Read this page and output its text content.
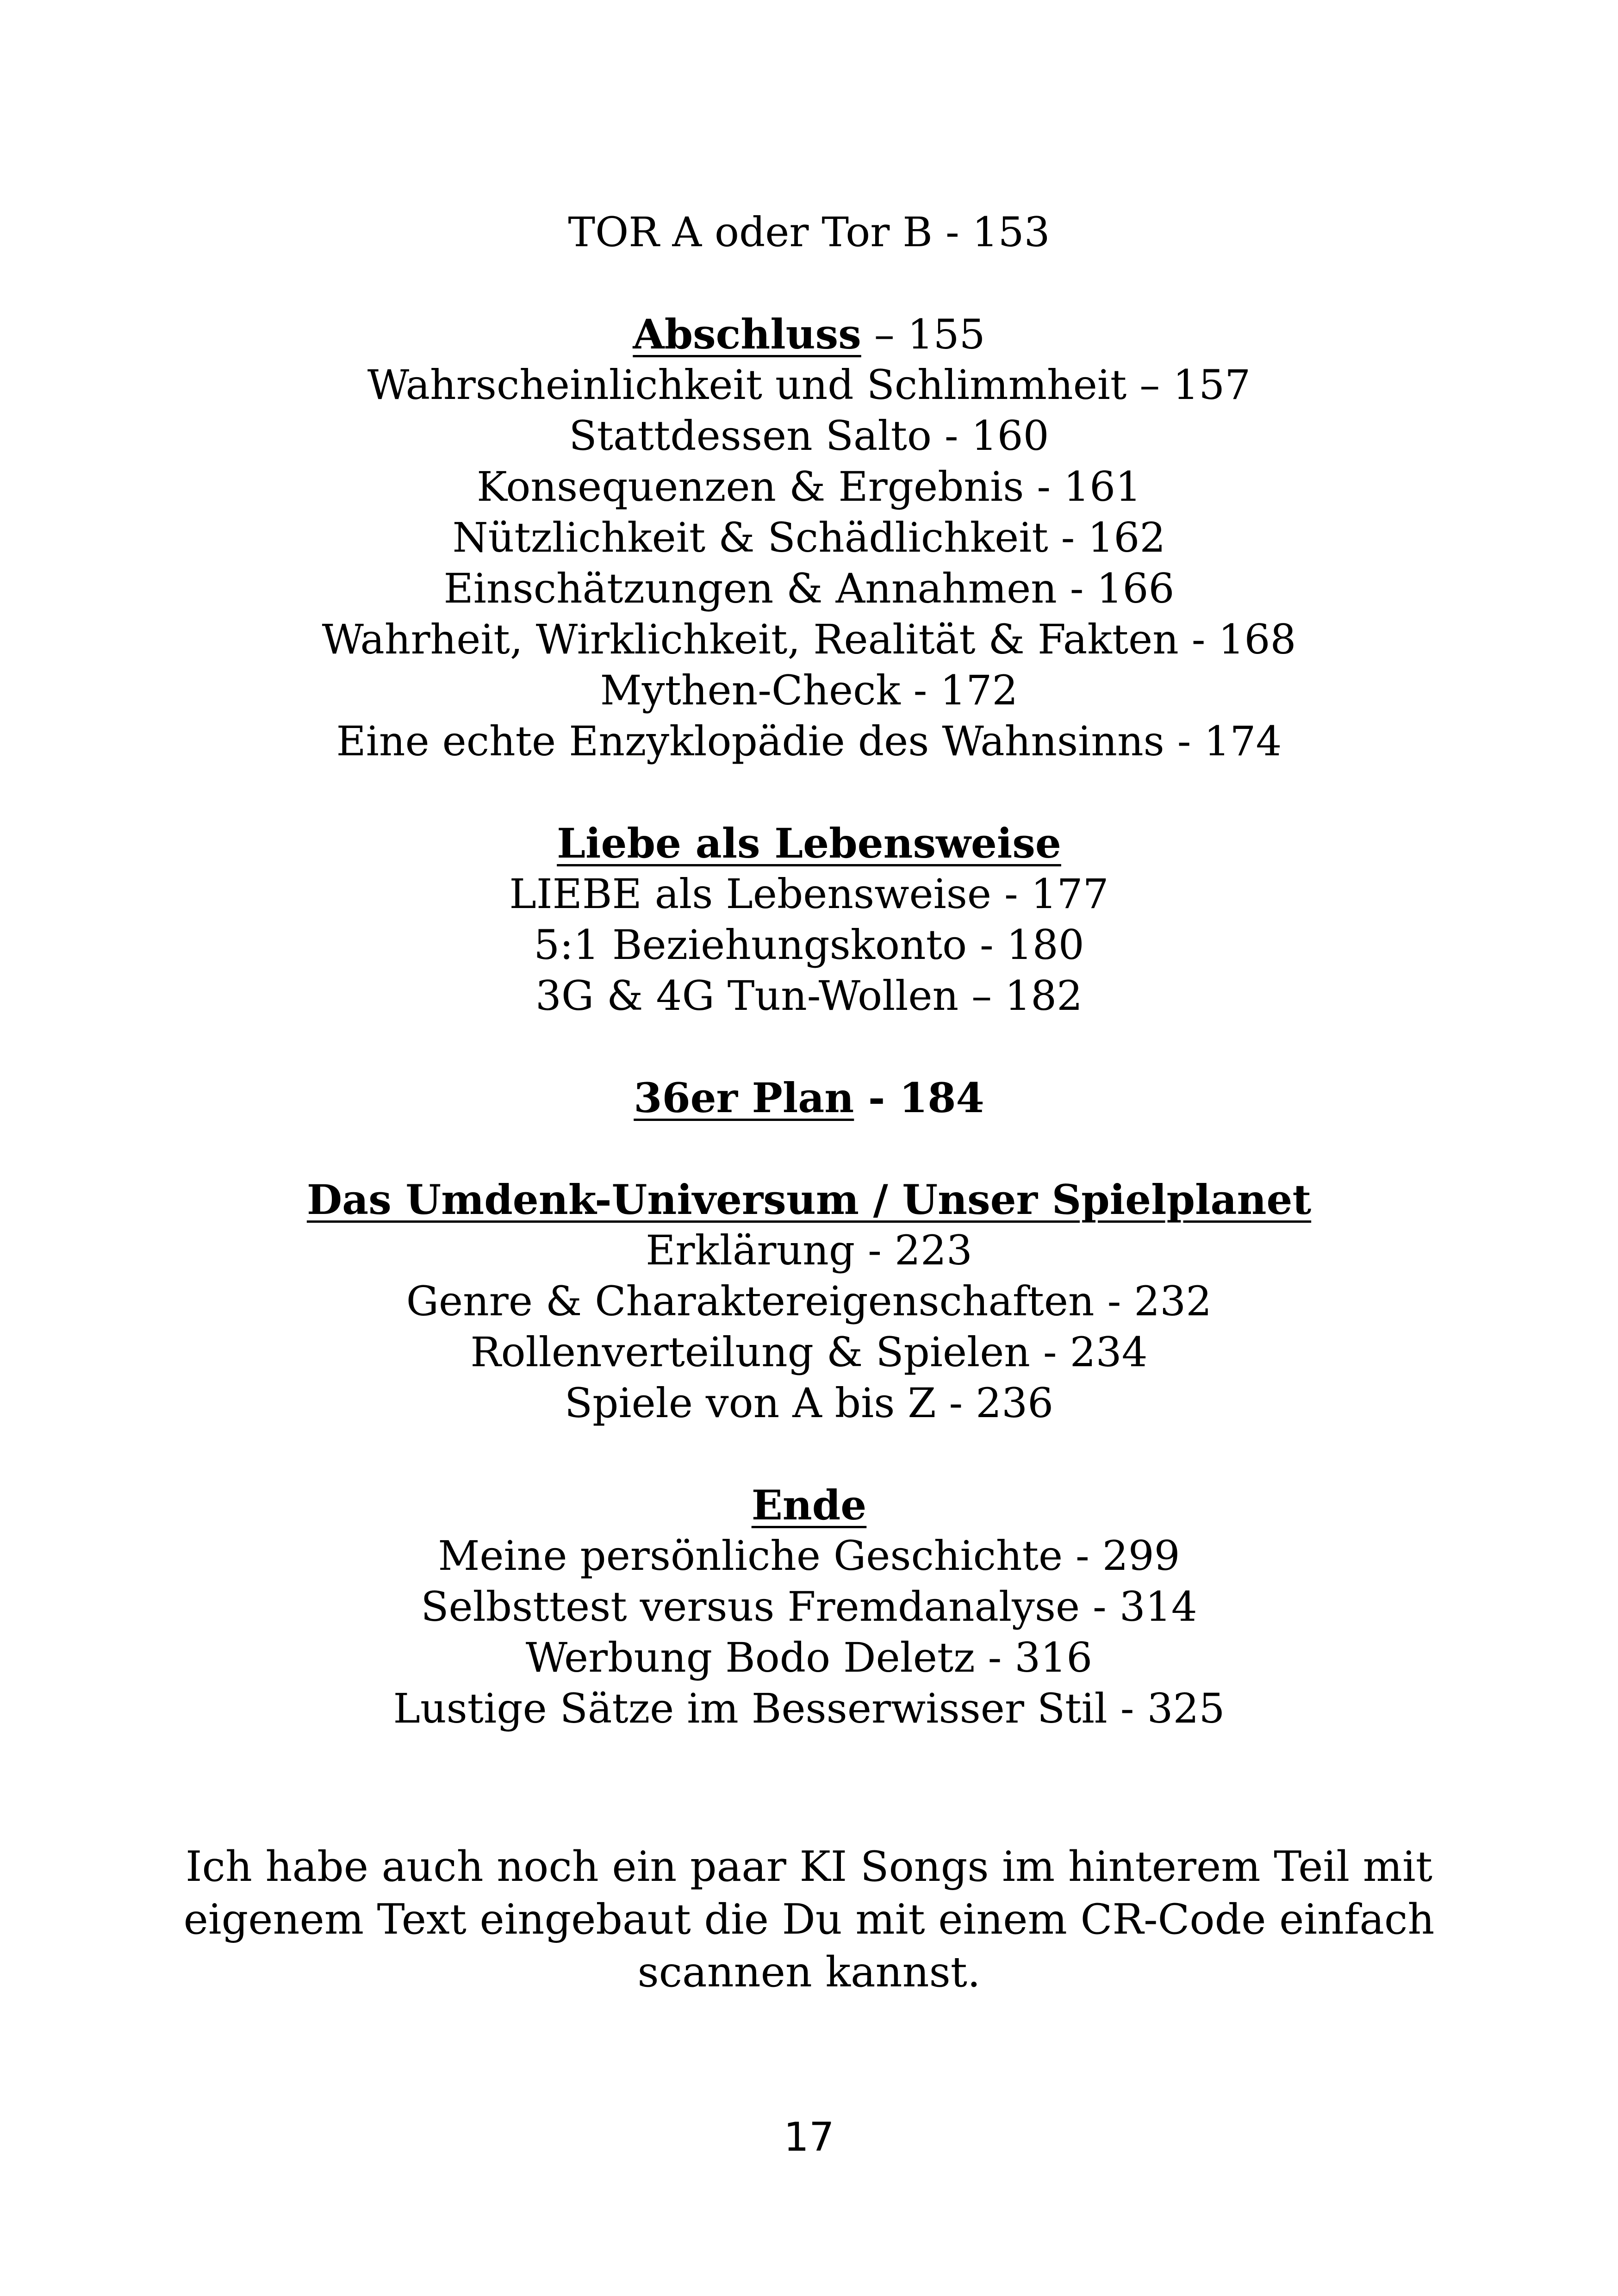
TOR A oder Tor B - 153
Abschluss – 155
Wahrscheinlichkeit und Schlimmheit – 157
Stattdessen Salto - 160
Konsequenzen & Ergebnis - 161
Nützlichkeit & Schädlichkeit - 162
Einschätzungen & Annahmen - 166
Wahrheit, Wirklichkeit, Realität & Fakten - 168
Mythen-Check - 172
Eine echte Enzyklopädie des Wahnsinns - 174
Liebe als Lebensweise
LIEBE als Lebensweise - 177
5:1 Beziehungskonto - 180
3G & 4G Tun-Wollen – 182
36er Plan - 184
Das Umdenk-Universum / Unser Spielplanet
Erklärung - 223
Genre & Charaktereigenschaften - 232
Rollenverteilung & Spielen - 234
Spiele von A bis Z - 236
Ende
Meine persönliche Geschichte - 299
Selbsttest versus Fremdanalyse - 314
Werbung Bodo Deletz - 316
Lustige Sätze im Besserwisser Stil - 325
Ich habe auch noch ein paar KI Songs im hinterem Teil mit
eigenem Text eingebaut die Du mit einem CR-Code einfach
scannen kannst.
17
